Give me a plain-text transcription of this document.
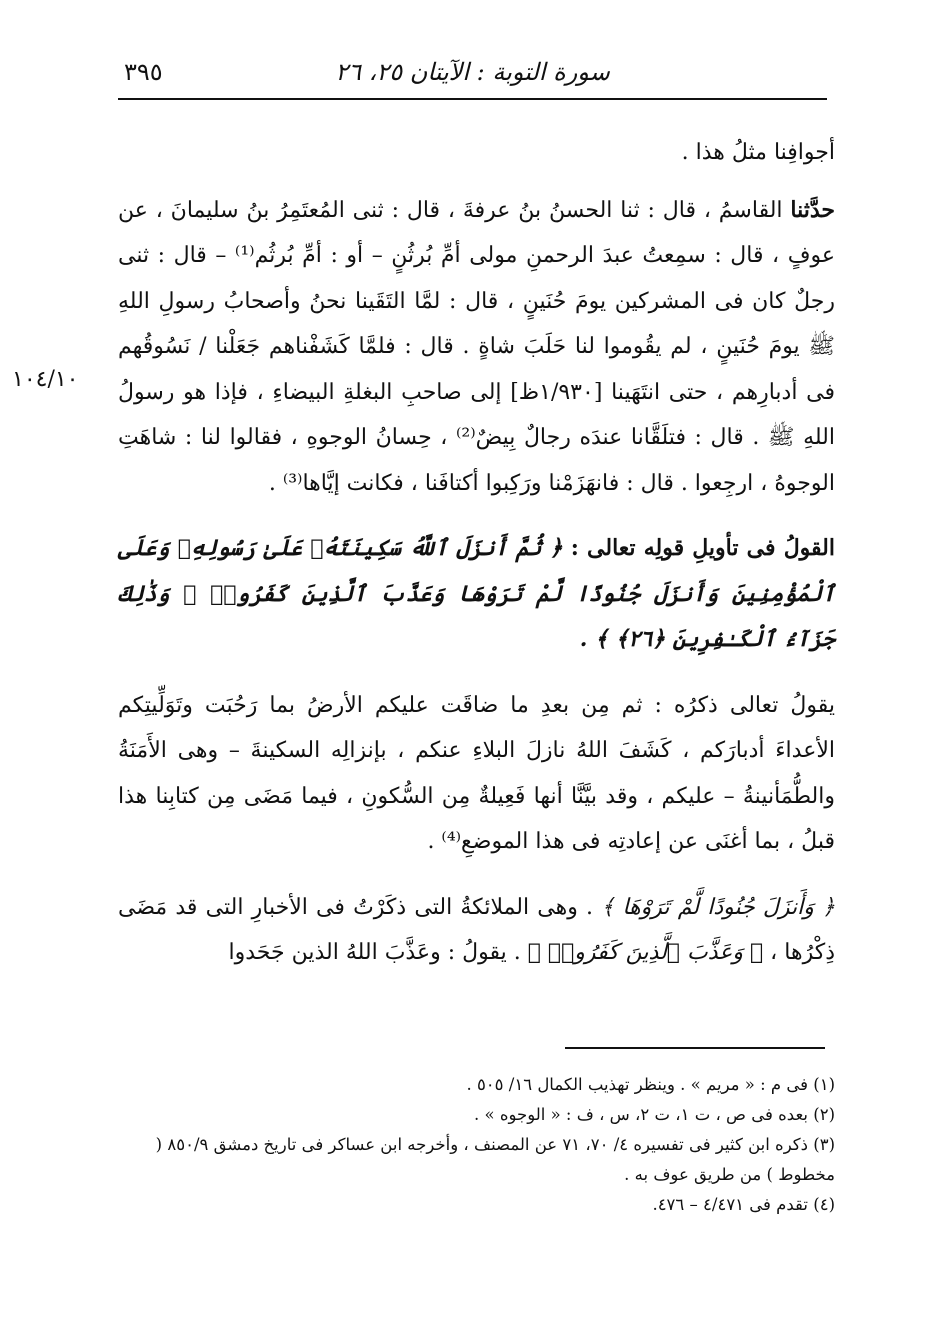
٣٩٥	سورة التوبة : الآيتان ٢٥، ٢٦
١٠٤/١٠

أجوافِنا مثلُ هذا .

حدَّثنا القاسمُ ، قال : ثنا الحسنُ بنُ عرفةَ ، قال : ثنى المُعتَمِرُ بنُ سليمانَ ، عن عوفٍ ، قال : سمِعتُ عبدَ الرحمنِ مولى أمِّ بُرثُنٍ – أو : أمِّ بُرثُم⁽¹⁾ – قال : ثنى رجلٌ كان فى المشركين يومَ حُنَينٍ ، قال : لمَّا التَقَينا نحنُ وأصحابُ رسولِ اللهِ ﷺ يومَ حُنَينٍ ، لم يقُوموا لنا حَلَبَ شاةٍ . قال : فلمَّا كَشَفْناهم جَعَلْنا / نَسُوقُهم فى أدبارِهم ، حتى انتَهَينا [١/٩٣٠ظ] إلى صاحبِ البغلةِ البيضاءِ ، فإذا هو رسولُ اللهِ ﷺ . قال : فتلَقَّانا عندَه رجالٌ بِيضٌ⁽²⁾ ، حِسانُ الوجوهِ ، فقالوا لنا : شاهَتِ الوجوهُ ، ارجِعوا . قال : فانهَزَمْنا ورَكِبوا أكتافَنا ، فكانت إيَّاها⁽³⁾ .

القولُ فى تأويلِ قولِه تعالى : ﴿ ثُمَّ أَنزَلَ ٱللَّهُ سَكِينَتَهُۥ عَلَىٰ رَسُولِهِۦ وَعَلَى ٱلْمُؤْمِنِينَ وَأَنزَلَ جُنُودًا لَّمْ تَرَوْهَا وَعَذَّبَ ٱلَّذِينَ كَفَرُوا۟ ۚ وَذَٰلِكَ جَزَآءُ ٱلْكَـٰفِرِينَ ﴿٢٦﴾ ﴾ .

يقولُ تعالى ذكرُه : ثم مِن بعدِ ما ضاقَت عليكم الأرضُ بما رَحُبَت وتَوَلِّيتِكم الأعداءَ أدبارَكم ، كَشَفَ اللهُ نازلَ البلاءِ عنكم ، بإنزالِه السكينةَ – وهى الأَمَنَةُ والطُّمَأنينةُ – عليكم ، وقد بيَّنَّا أنها فَعِيلةٌ مِن السُّكونِ ، فيما مَضَى مِن كتابِنا هذا قبلُ ، بما أغنَى عن إعادتِه فى هذا الموضعِ⁽⁴⁾ .

﴿ وَأَنزَلَ جُنُودًا لَّمْ تَرَوْهَا ﴾ . وهى الملائكةُ التى ذكَرْتُ فى الأخبارِ التى قد مَضَى ذِكْرُها ، ﴿ وَعَذَّبَ ٱلَّذِينَ كَفَرُوا۟ ﴾ . يقولُ : وعَذَّبَ اللهُ الذين جَحَدوا

(١) فى م : « مريم » . وينظر تهذيب الكمال ١٦/ ٥٠٥ .
(٢) بعده فى ص ، ت ١، ت ٢، س ، ف : « الوجوه » .
(٣) ذكره ابن كثير فى تفسيره ٤/ ٧٠، ٧١ عن المصنف ، وأخرجه ابن عساكر فى تاريخ دمشق ٨٥٠/٩ ( مخطوط ) من طريق عوف به .
(٤) تقدم فى ٤/٤٧١ – ٤٧٦.
